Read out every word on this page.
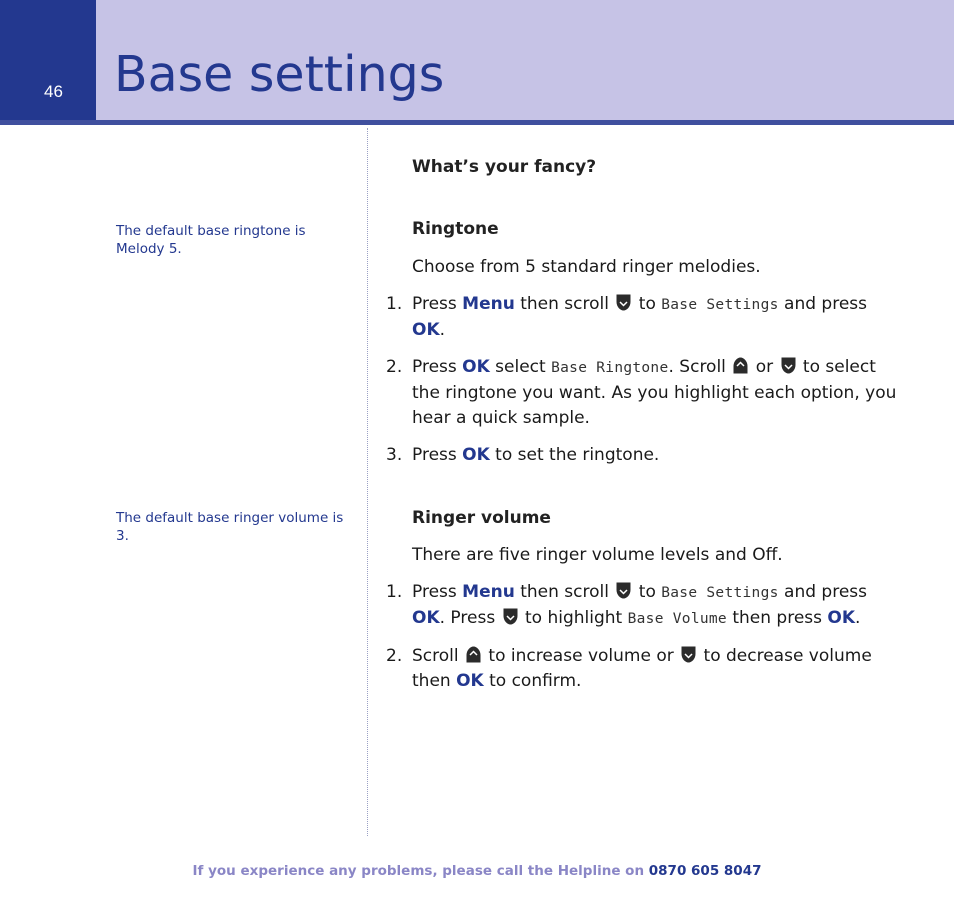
46 Base settings

The default base ringtone is Melody 5.

The default base ringer volume is 3.

What’s your fancy?
Ringtone

Choose from 5 standard ringer melodies.

1. Press Menu then scroll  to Base Settings and press OK.
2. Press OK select Base Ringtone. Scroll  or  to select the ringtone you want. As you highlight each option, you hear a quick sample.
3. Press OK to set the ringtone.
Ringer volume

There are five ringer volume levels and Off.

1. Press Menu then scroll  to Base Settings and press OK. Press  to highlight Base Volume then press OK.
2. Scroll  to increase volume or  to decrease volume then OK to confirm.
If you experience any problems, please call the Helpline on 0870 605 8047
